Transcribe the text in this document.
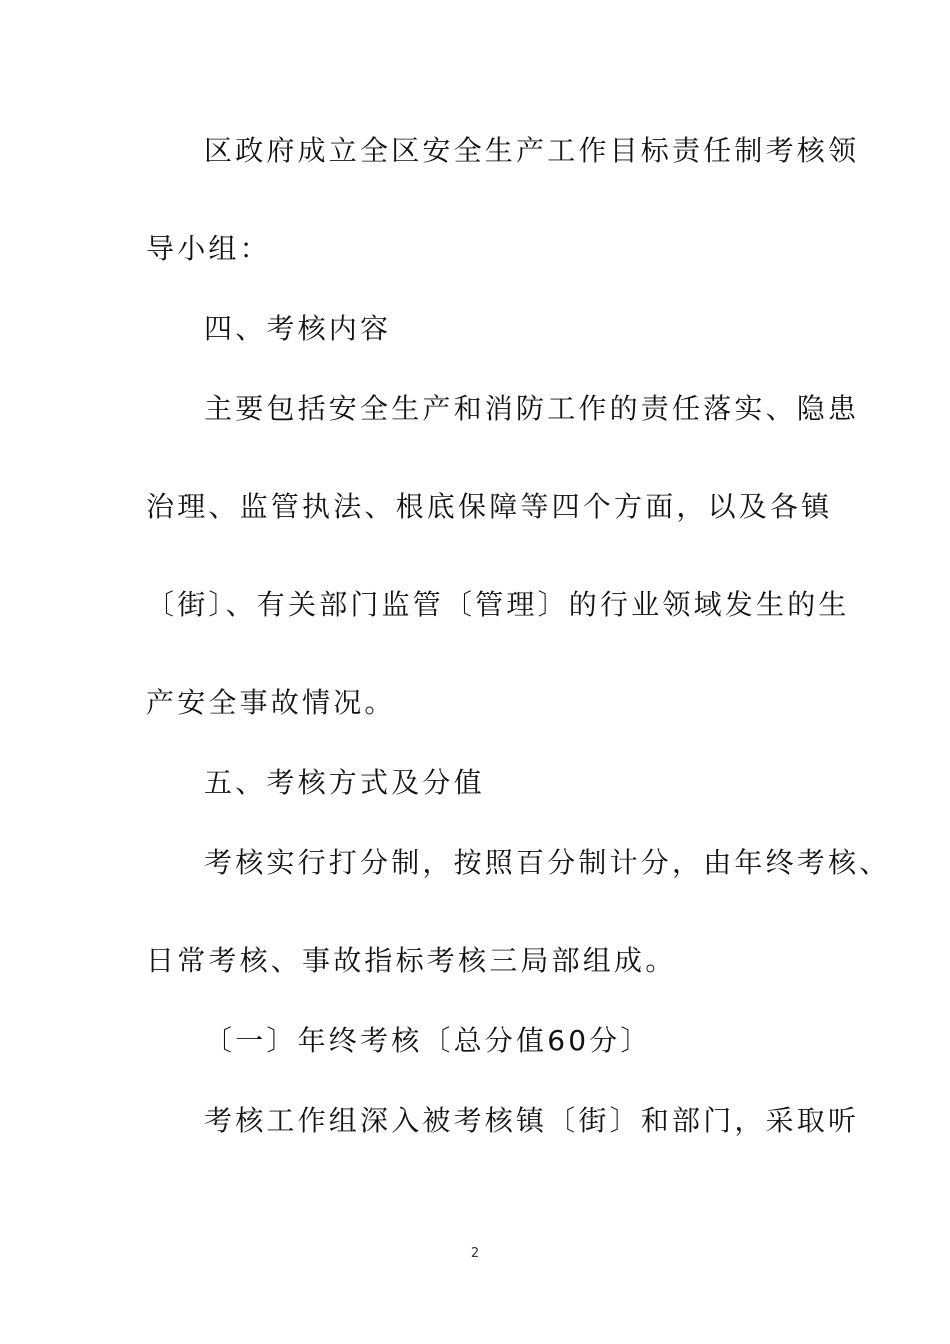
区政府成立全区安全生产工作目标责任制考核领
导小组：
四、考核内容
主要包括安全生产和消防工作的责任落实、隐患
治理、监管执法、根底保障等四个方面，以及各镇
〔街〕、有关部门监管〔管理〕的行业领域发生的生
产安全事故情况。
五、考核方式及分值
考核实行打分制，按照百分制计分，由年终考核、
日常考核、事故指标考核三局部组成。
〔一〕年终考核〔总分值60分〕
考核工作组深入被考核镇〔街〕和部门，采取听
2
